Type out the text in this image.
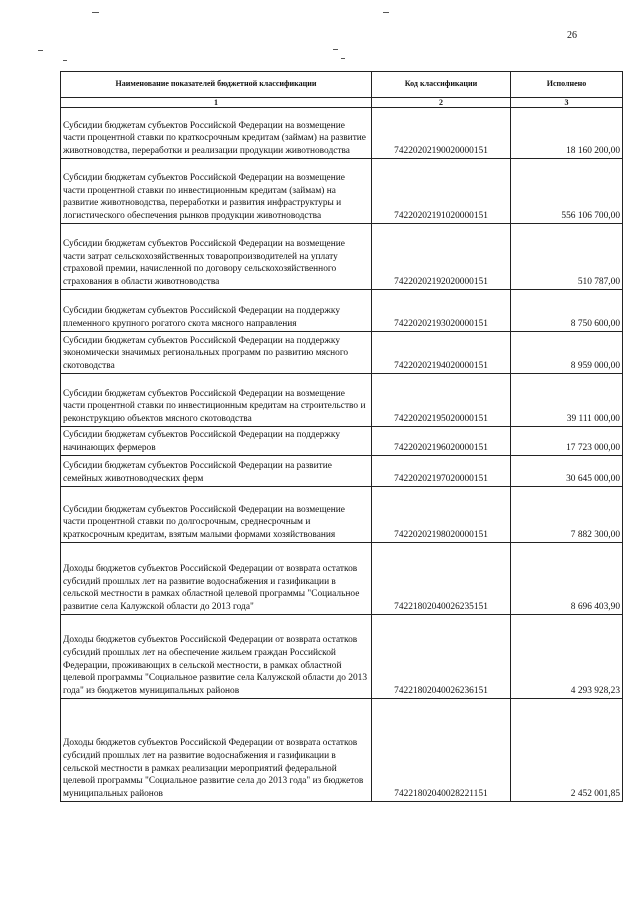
26
Наименование показателей бюджетной классификации	Код классификации	Исполнено
1	2	3
Субсидии бюджетам субъектов Российской Федерации на возмещение части процентной ставки по краткосрочным кредитам (займам) на развитие животноводства, переработки и реализации продукции животноводства	74220202190020000151	18 160 200,00
Субсидии бюджетам субъектов Российской Федерации на возмещение части процентной ставки по инвестиционным кредитам (займам) на развитие животноводства, переработки и развития инфраструктуры и логистического обеспечения рынков продукции животноводства	74220202191020000151	556 106 700,00
Субсидии бюджетам субъектов Российской Федерации на возмещение части затрат сельскохозяйственных товаропроизводителей на уплату страховой премии, начисленной по договору сельскохозяйственного страхования в области животноводства	74220202192020000151	510 787,00
Субсидии бюджетам субъектов Российской Федерации на поддержку племенного крупного рогатого скота мясного направления	74220202193020000151	8 750 600,00
Субсидии бюджетам субъектов Российской Федерации на поддержку экономически значимых региональных программ по развитию мясного скотоводства	74220202194020000151	8 959 000,00
Субсидии бюджетам субъектов Российской Федерации на возмещение части процентной ставки по инвестиционным кредитам на строительство и реконструкцию объектов мясного скотоводства	74220202195020000151	39 111 000,00
Субсидии бюджетам субъектов Российской Федерации на поддержку начинающих фермеров	74220202196020000151	17 723 000,00
Субсидии бюджетам субъектов Российской Федерации на развитие семейных животноводческих ферм	74220202197020000151	30 645 000,00
Субсидии бюджетам субъектов Российской Федерации на возмещение части процентной ставки по долгосрочным, среднесрочным и краткосрочным кредитам, взятым малыми формами хозяйствования	74220202198020000151	7 882 300,00
Доходы бюджетов субъектов Российской Федерации от возврата остатков субсидий прошлых лет на развитие водоснабжения и газификации в сельской местности в рамках областной целевой программы "Социальное развитие села Калужской области до 2013 года"	74221802040026235151	8 696 403,90
Доходы бюджетов субъектов Российской Федерации от возврата остатков субсидий прошлых лет на обеспечение жильем граждан Российской Федерации, проживающих в сельской местности, в рамках областной целевой программы "Социальное развитие села Калужской области до 2013 года" из бюджетов муниципальных районов	74221802040026236151	4 293 928,23
Доходы бюджетов субъектов Российской Федерации от возврата остатков субсидий прошлых лет на развитие водоснабжения и газификации в сельской местности в рамках реализации мероприятий федеральной целевой программы "Социальное развитие села до 2013 года" из бюджетов муниципальных районов	74221802040028221151	2 452 001,85
